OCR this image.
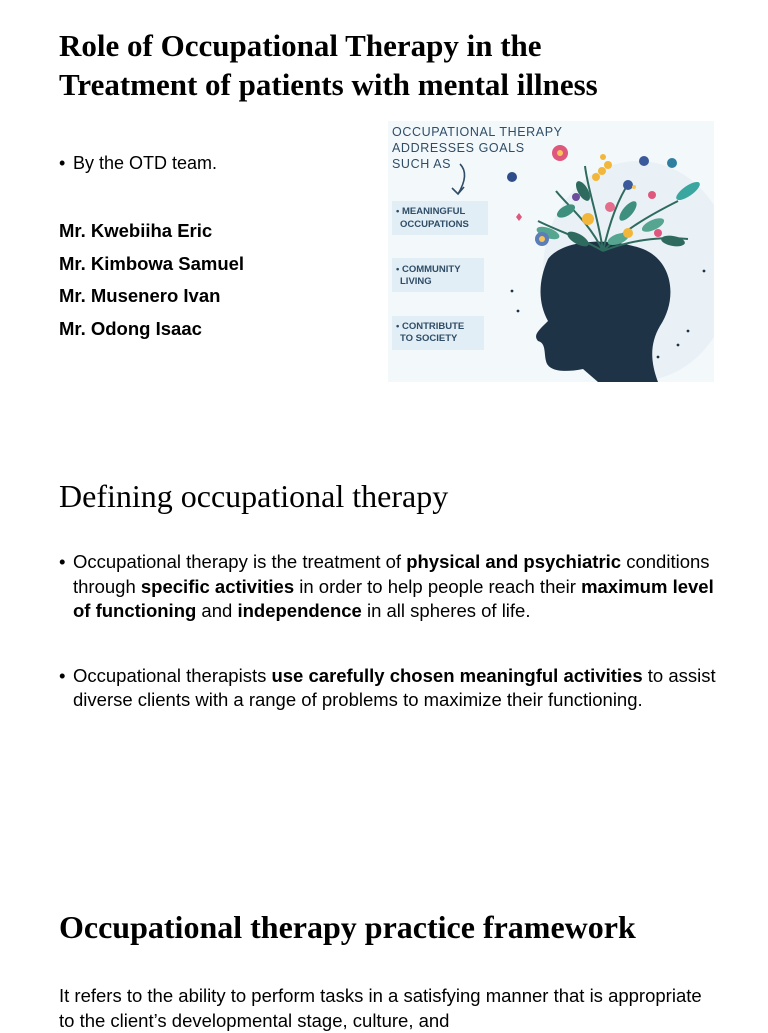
Role of Occupational Therapy in the
Treatment of patients with mental illness
• By the OTD team.
Mr. Kwebiiha Eric
Mr. Kimbowa Samuel
Mr. Musenero Ivan
Mr. Odong Isaac
OCCUPATIONAL THERAPY
ADDRESSES GOALS
SUCH AS
• MEANINGFUL
OCCUPATIONS
• COMMUNITY
LIVING
• CONTRIBUTE
TO SOCIETY
Defining occupational therapy
• Occupational therapy is the treatment of physical and psychiatric conditions through specific activities in order to help people reach their maximum level of functioning and independence in all spheres of life.
• Occupational therapists use carefully chosen meaningful activities to assist diverse clients with a range of problems to maximize their functioning.
Occupational therapy practice framework

It refers to the ability to perform tasks in a satisfying manner that is appropriate to the client’s developmental stage, culture, and
